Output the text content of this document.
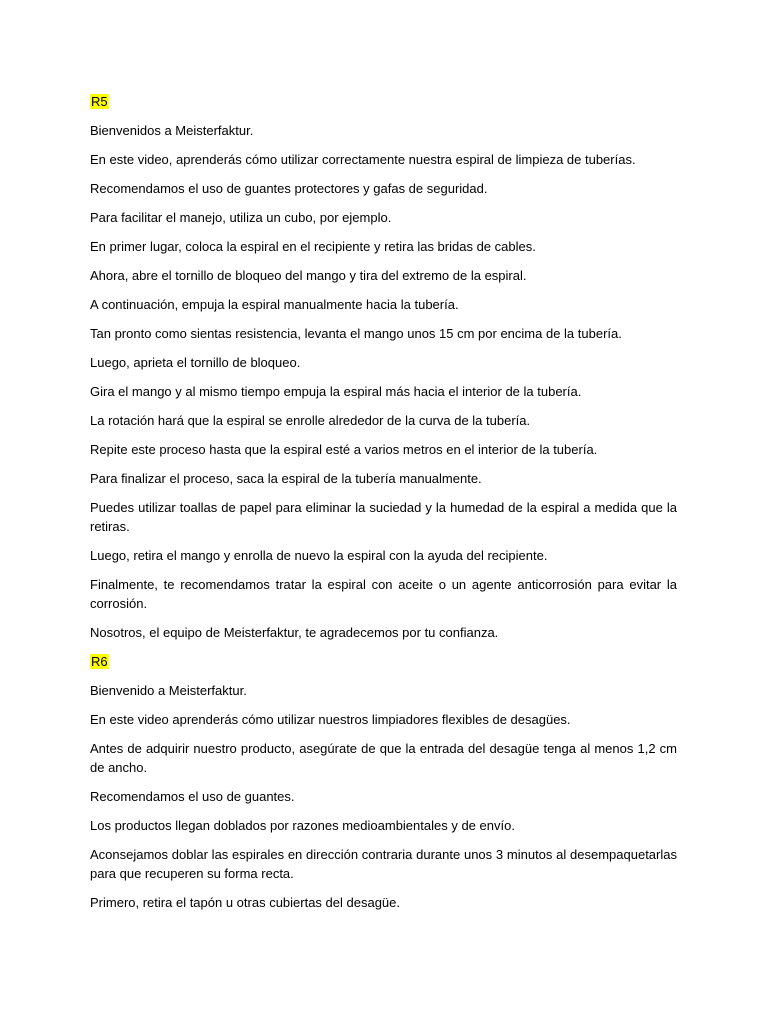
R5

Bienvenidos a Meisterfaktur.

En este video, aprenderás cómo utilizar correctamente nuestra espiral de limpieza de tuberías.

Recomendamos el uso de guantes protectores y gafas de seguridad.

Para facilitar el manejo, utiliza un cubo, por ejemplo.

En primer lugar, coloca la espiral en el recipiente y retira las bridas de cables.

Ahora, abre el tornillo de bloqueo del mango y tira del extremo de la espiral.

A continuación, empuja la espiral manualmente hacia la tubería.

Tan pronto como sientas resistencia, levanta el mango unos 15 cm por encima de la tubería.

Luego, aprieta el tornillo de bloqueo.

Gira el mango y al mismo tiempo empuja la espiral más hacia el interior de la tubería.

La rotación hará que la espiral se enrolle alrededor de la curva de la tubería.

Repite este proceso hasta que la espiral esté a varios metros en el interior de la tubería.

Para finalizar el proceso, saca la espiral de la tubería manualmente.

Puedes utilizar toallas de papel para eliminar la suciedad y la humedad de la espiral a medida que la retiras.

Luego, retira el mango y enrolla de nuevo la espiral con la ayuda del recipiente.

Finalmente, te recomendamos tratar la espiral con aceite o un agente anticorrosión para evitar la corrosión.

Nosotros, el equipo de Meisterfaktur, te agradecemos por tu confianza.

R6

Bienvenido a Meisterfaktur.

En este video aprenderás cómo utilizar nuestros limpiadores flexibles de desagües.

Antes de adquirir nuestro producto, asegúrate de que la entrada del desagüe tenga al menos 1,2 cm de ancho.

Recomendamos el uso de guantes.

Los productos llegan doblados por razones medioambientales y de envío.

Aconsejamos doblar las espirales en dirección contraria durante unos 3 minutos al desempaquetarlas para que recuperen su forma recta.

Primero, retira el tapón u otras cubiertas del desagüe.
